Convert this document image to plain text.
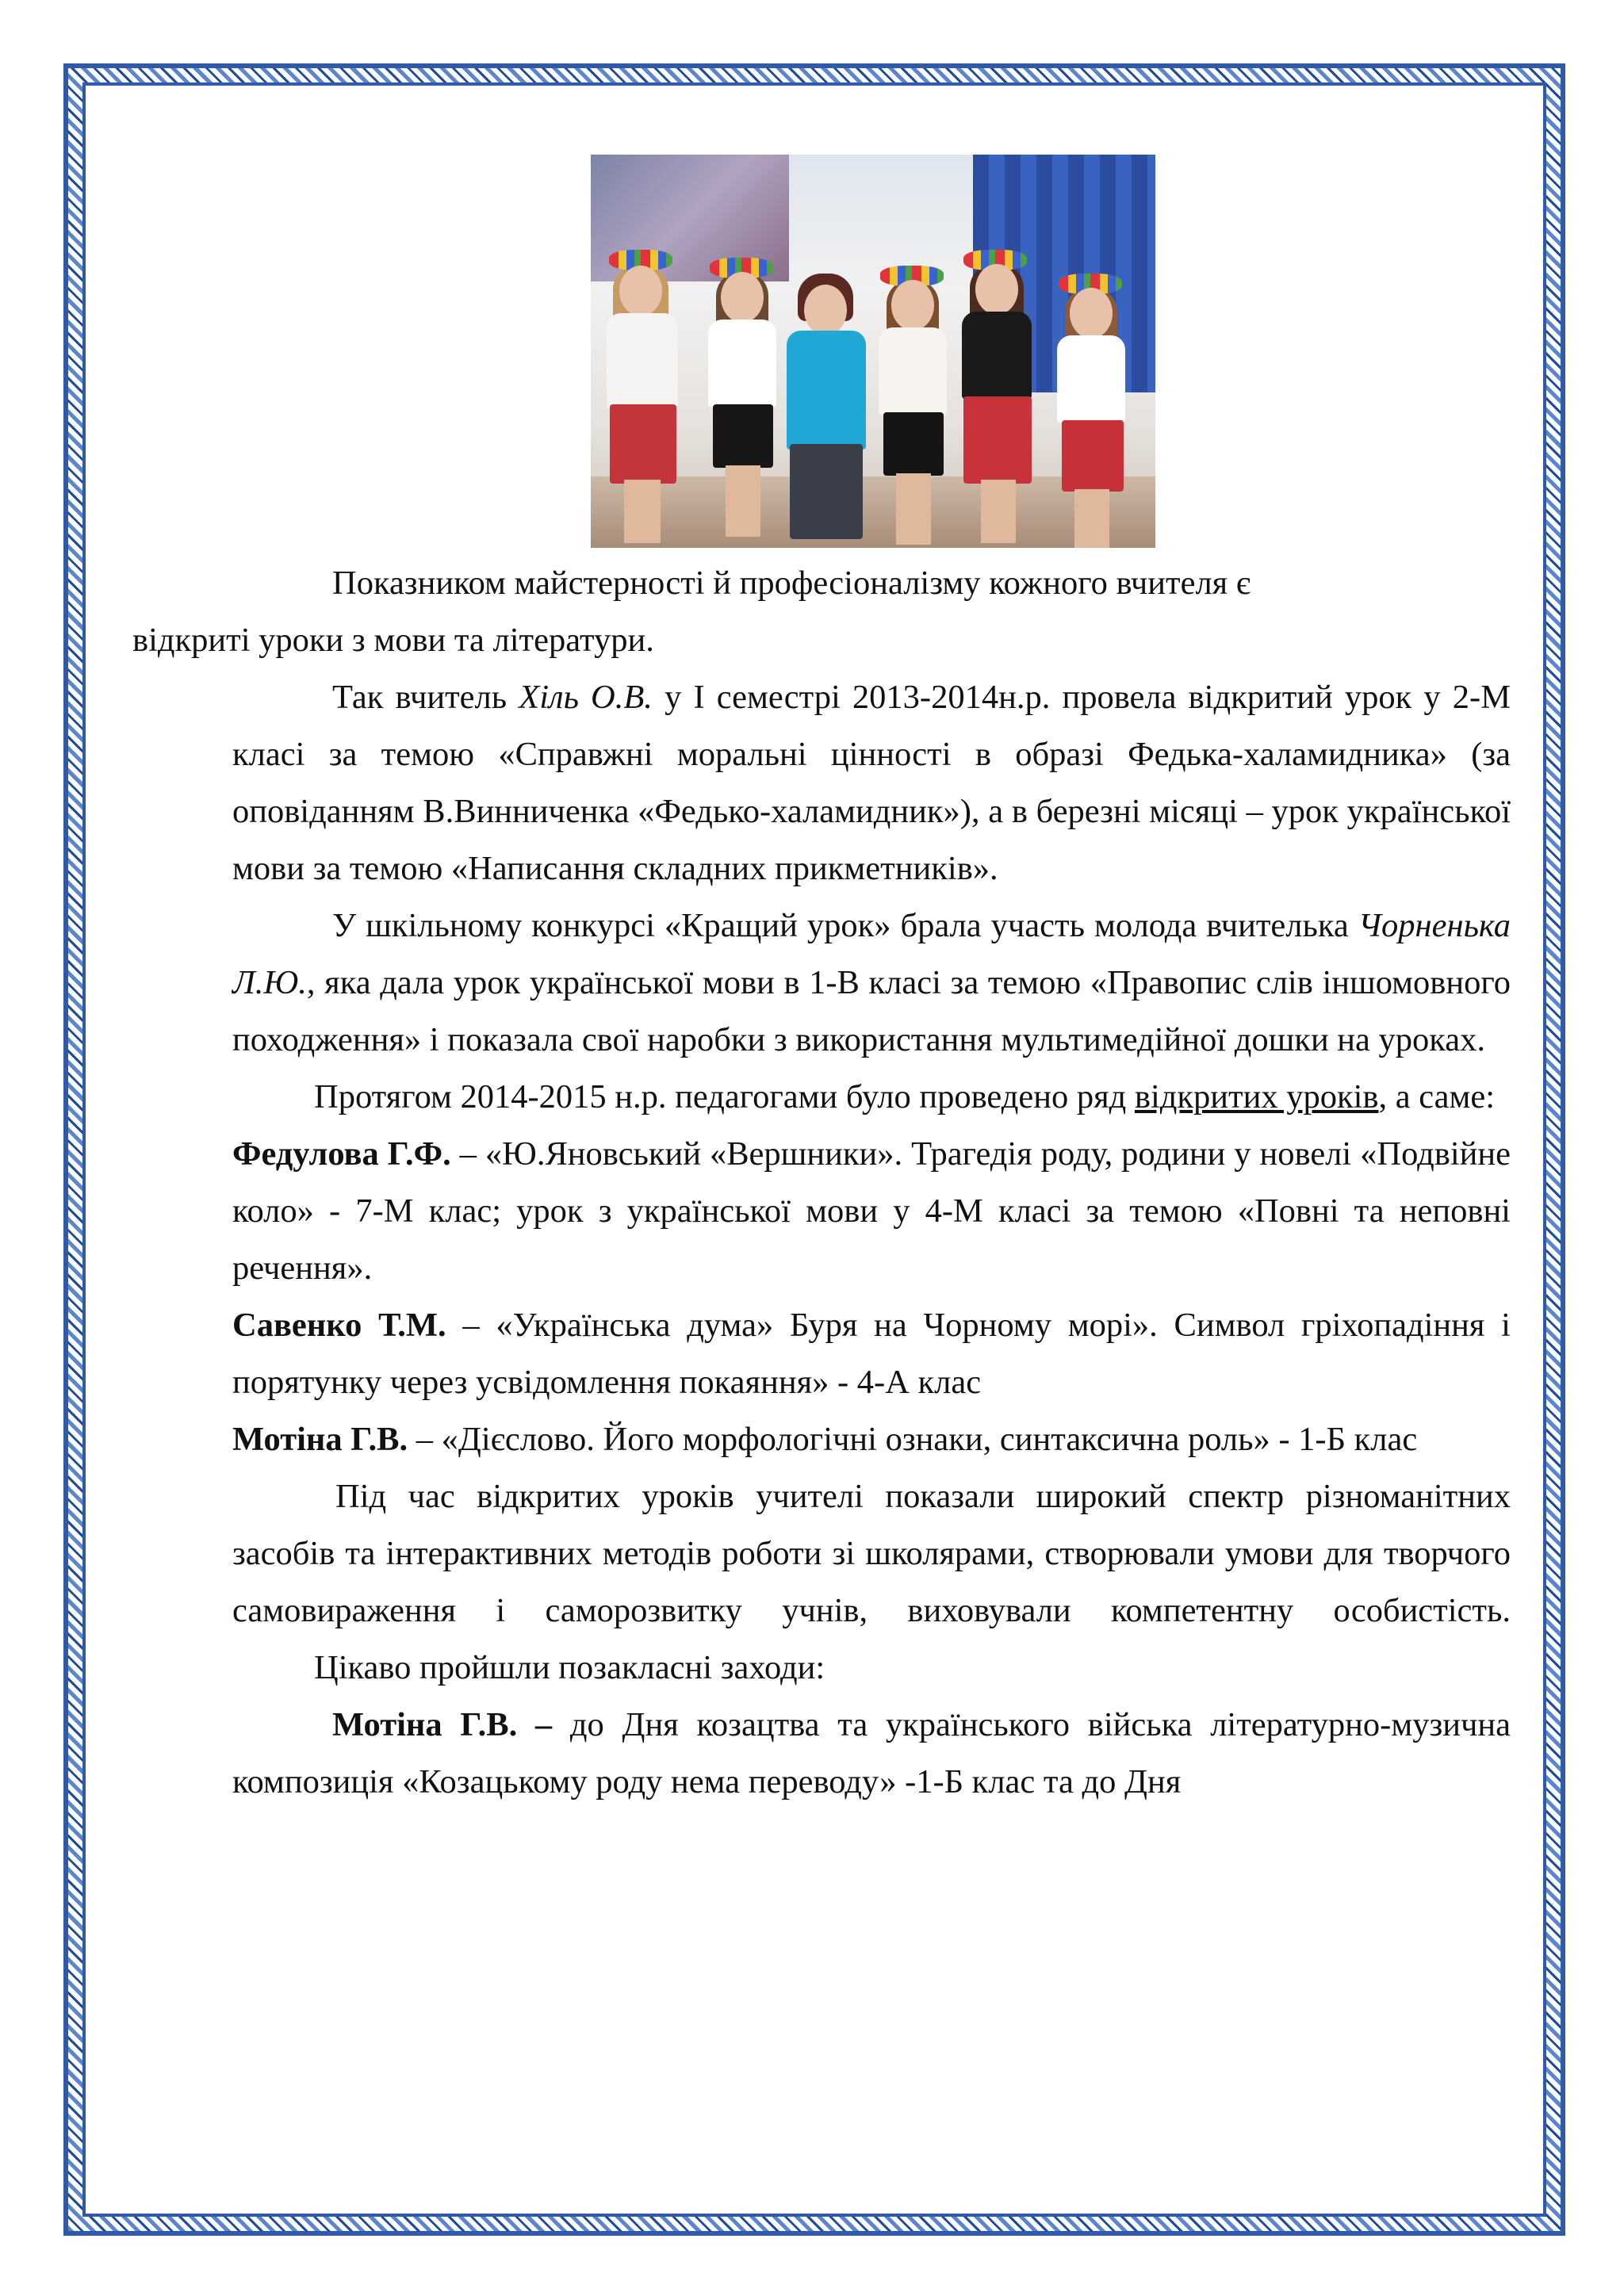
Показником майстерності й професіоналізму кожного вчителя є
відкриті уроки з мови та літератури.

Так вчитель Хіль О.В. у І семестрі 2013-2014н.р. провела відкритий урок у 2-М класі за темою «Справжні моральні цінності в образі Федька-халамидника» (за оповіданням В.Винниченка «Федько-халамидник»), а в березні місяці – урок української мови за темою «Написання складних прикметників».

У шкільному конкурсі «Кращий урок» брала участь молода вчителька Чорненька Л.Ю., яка дала урок української мови в 1-В класі за темою «Правопис слів іншомовного походження» і показала свої наробки з використання мультимедійної дошки на уроках.

Протягом 2014-2015 н.р. педагогами було проведено ряд відкритих уроків, а саме:

Федулова Г.Ф. – «Ю.Яновський «Вершники». Трагедія роду, родини у новелі «Подвійне коло» - 7-М клас; урок з української мови у 4-М класі за темою «Повні та неповні речення».

Савенко Т.М. – «Українська дума» Буря на Чорному морі». Символ гріхопадіння і порятунку через усвідомлення покаяння» - 4-А клас

Мотіна Г.В. – «Дієслово. Його морфологічні ознаки, синтаксична роль» - 1-Б клас

Під час відкритих уроків учителі показали широкий спектр різноманітних засобів та інтерактивних методів роботи зі школярами, створювали умови для творчого самовираження і саморозвитку учнів, виховували компетентну особистість.

Цікаво пройшли позакласні заходи:

Мотіна Г.В. – до Дня козацтва та українського війська літературно-музична композиція «Козацькому роду нема переводу» -1-Б клас та до Дня
